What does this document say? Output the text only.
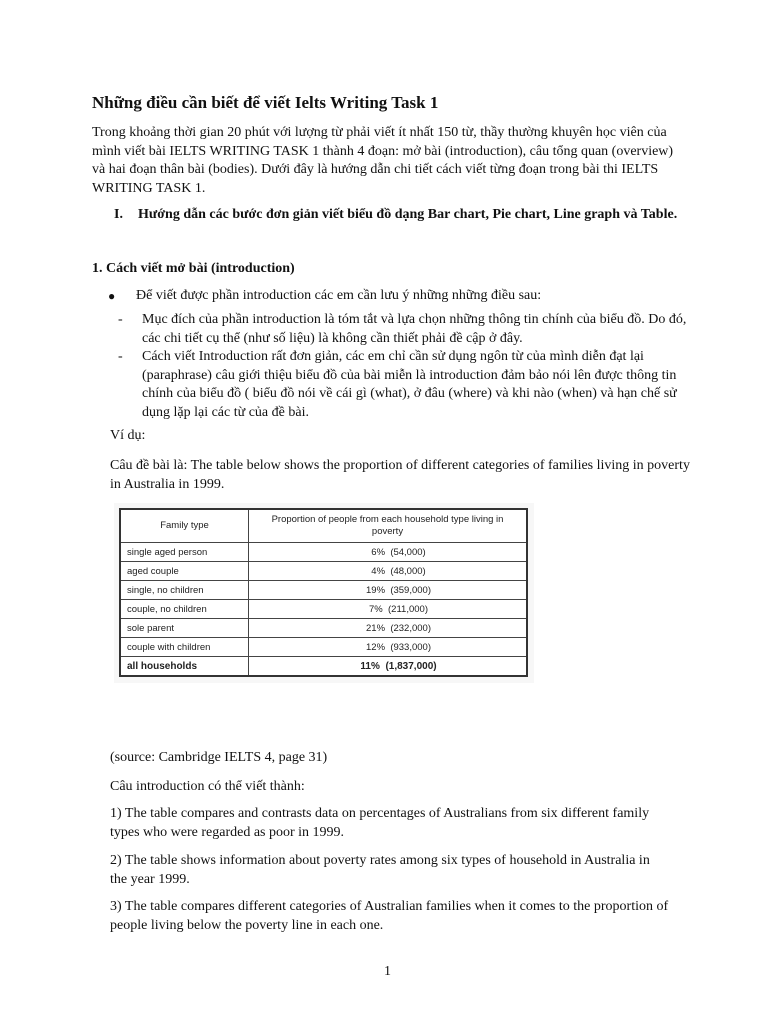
Những điều cần biết để viết Ielts Writing Task 1
Trong khoảng thời gian 20 phút với lượng từ phải viết ít nhất 150 từ, thầy thường khuyên học viên của mình viết bài IELTS WRITING TASK 1 thành 4 đoạn: mở bài (introduction), câu tổng quan (overview) và hai đoạn thân bài (bodies). Dưới đây là hướng dẫn chi tiết cách viết từng đoạn trong bài thi IELTS WRITING TASK 1.
I. Hướng dẫn các bước đơn giản viết biểu đồ dạng Bar chart, Pie chart, Line graph và Table.
1. Cách viết mở bài (introduction)
● Để viết được phần introduction các em cần lưu ý những những điều sau:
- Mục đích của phần introduction là tóm tắt và lựa chọn những thông tin chính của biểu đồ. Do đó, các chi tiết cụ thể (như số liệu) là không cần thiết phải đề cập ở đây.
- Cách viết Introduction rất đơn giản, các em chỉ cần sử dụng ngôn từ của mình diễn đạt lại (paraphrase) câu giới thiệu biểu đồ của bài miễn là introduction đảm bảo nói lên được thông tin chính của biểu đồ ( biểu đồ nói về cái gì (what), ở đâu (where) và khi nào (when) và hạn chế sử dụng lặp lại các từ của đề bài.
Ví dụ:
Câu đề bài là: The table below shows the proportion of different categories of families living in poverty in Australia in 1999.
Family type	Proportion of people from each household type living in poverty
single aged person	6% (54,000)
aged couple	4% (48,000)
single, no children	19% (359,000)
couple, no children	7% (211,000)
sole parent	21% (232,000)
couple with children	12% (933,000)
all households	11% (1,837,000)
(source: Cambridge IELTS 4, page 31)
Câu introduction có thể viết thành:
1) The table compares and contrasts data on percentages of Australians from six different family types who were regarded as poor in 1999.
2) The table shows information about poverty rates among six types of household in Australia in the year 1999.
3) The table compares different categories of Australian families when it comes to the proportion of people living below the poverty line in each one.
1
